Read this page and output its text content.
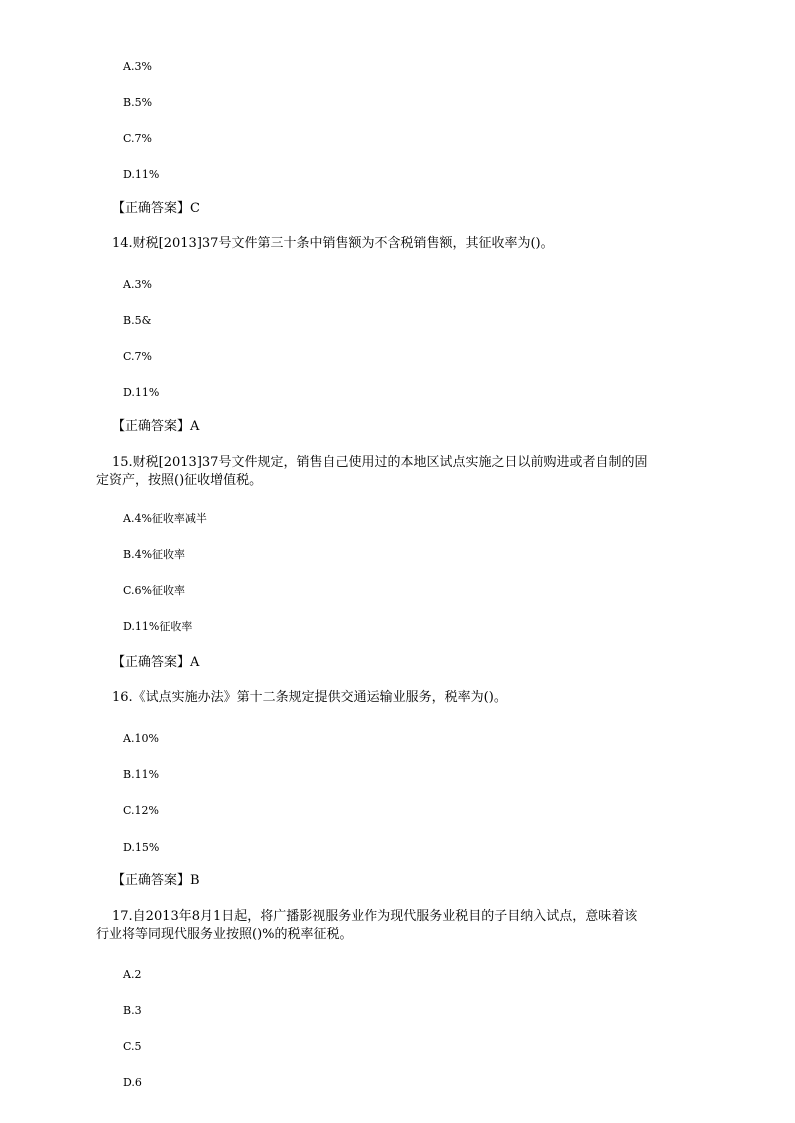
A.3%
B.5%
C.7%
D.11%
【正确答案】C
14.财税[2013]37号文件第三十条中销售额为不含税销售额，其征收率为()。
A.3%
B.5&
C.7%
D.11%
【正确答案】A
15.财税[2013]37号文件规定，销售自己使用过的本地区试点实施之日以前购进或者自制的固
定资产，按照()征收增值税。
A.4%征收率减半
B.4%征收率
C.6%征收率
D.11%征收率
【正确答案】A
16.《试点实施办法》第十二条规定提供交通运输业服务，税率为()。
A.10%
B.11%
C.12%
D.15%
【正确答案】B
17.自2013年8月1日起，将广播影视服务业作为现代服务业税目的子目纳入试点，意味着该
行业将等同现代服务业按照()%的税率征税。
A.2
B.3
C.5
D.6
